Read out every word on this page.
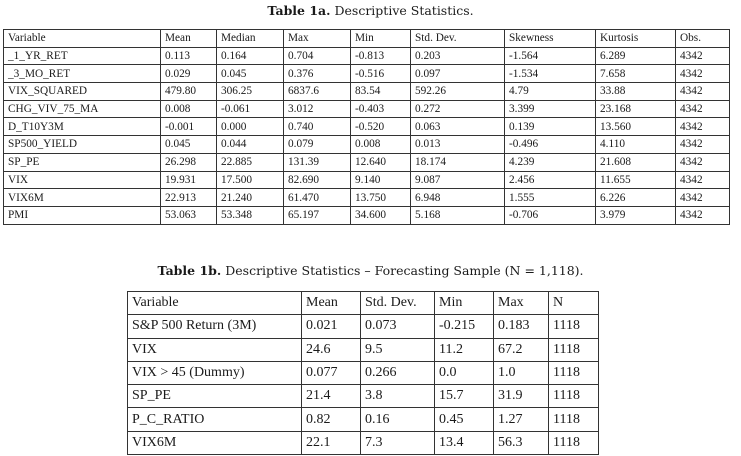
Table 1a. Descriptive Statistics.
Variable	Mean	Median	Max	Min	Std. Dev.	Skewness	Kurtosis	Obs.
_1_YR_RET	0.113	0.164	0.704	-0.813	0.203	-1.564	6.289	4342
_3_MO_RET	0.029	0.045	0.376	-0.516	0.097	-1.534	7.658	4342
VIX_SQUARED	479.80	306.25	6837.6	83.54	592.26	4.79	33.88	4342
CHG_VIV_75_MA	0.008	-0.061	3.012	-0.403	0.272	3.399	23.168	4342
D_T10Y3M	-0.001	0.000	0.740	-0.520	0.063	0.139	13.560	4342
SP500_YIELD	0.045	0.044	0.079	0.008	0.013	-0.496	4.110	4342
SP_PE	26.298	22.885	131.39	12.640	18.174	4.239	21.608	4342
VIX	19.931	17.500	82.690	9.140	9.087	2.456	11.655	4342
VIX6M	22.913	21.240	61.470	13.750	6.948	1.555	6.226	4342
PMI	53.063	53.348	65.197	34.600	5.168	-0.706	3.979	4342
Table 1b. Descriptive Statistics – Forecasting Sample (N = 1,118).
Variable	Mean	Std. Dev.	Min	Max	N
S&P 500 Return (3M)	0.021	0.073	-0.215	0.183	1118
VIX	24.6	9.5	11.2	67.2	1118
VIX > 45 (Dummy)	0.077	0.266	0.0	1.0	1118
SP_PE	21.4	3.8	15.7	31.9	1118
P_C_RATIO	0.82	0.16	0.45	1.27	1118
VIX6M	22.1	7.3	13.4	56.3	1118
